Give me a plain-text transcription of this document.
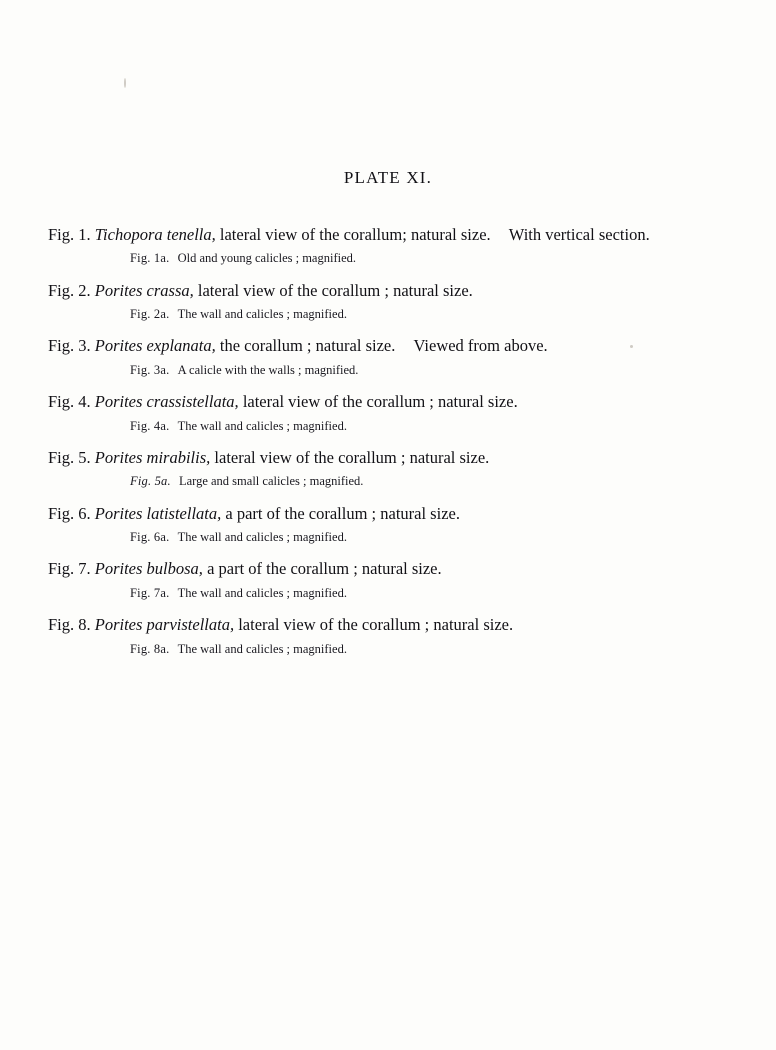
PLATE XI.
Fig. 1. Tichopora tenella, lateral view of the corallum; natural size. With vertical section.
Fig. 1a. Old and young calicles ; magnified.
Fig. 2. Porites crassa, lateral view of the corallum ; natural size.
Fig. 2a. The wall and calicles ; magnified.
Fig. 3. Porites explanata, the corallum ; natural size. Viewed from above.
Fig. 3a. A calicle with the walls ; magnified.
Fig. 4. Porites crassistellata, lateral view of the corallum ; natural size.
Fig. 4a. The wall and calicles ; magnified.
Fig. 5. Porites mirabilis, lateral view of the corallum ; natural size.
Fig. 5a. Large and small calicles ; magnified.
Fig. 6. Porites latistellata, a part of the corallum ; natural size.
Fig. 6a. The wall and calicles ; magnified.
Fig. 7. Porites bulbosa, a part of the corallum ; natural size.
Fig. 7a. The wall and calicles ; magnified.
Fig. 8. Porites parvistellata, lateral view of the corallum ; natural size.
Fig. 8a. The wall and calicles ; magnified.
